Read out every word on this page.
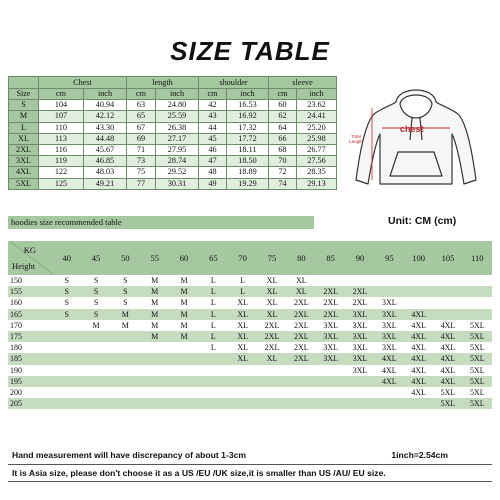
SIZE TABLE
	Chest		length		shoulder		sleeve	
Size	cm	inch	cm	inch	cm	inch	cm	inch
S	104	40.94	63	24.80	42	16.53	60	23.62
M	107	42.12	65	25.59	43	16.92	62	24.41
L	110	43.30	67	26.38	44	17.32	64	25.20
XL	113	44.48	69	27.17	45	17.72	66	25.98
2XL	116	45.67	71	27.95	46	18.11	68	26.77
3XL	119	46.85	73	28.74	47	18.50	70	27.56
4XL	122	48.03	75	29.52	48	18.89	72	28.35
5XL	125	49.21	77	30.31	49	19.29	74	29.13
chest
Total Length
hoodies size recommended table	Unit: CM (cm)
KG
Height	40	45	50	55	60	65	70	75	80	85	90	95	100	105	110
150	S	S	S	M	M	L	L	XL	XL						
155	S	S	S	M	M	L	L	XL	XL	2XL	2XL				
160	S	S	S	M	M	L	XL	XL	2XL	2XL	2XL	3XL			
165	S	S	M	M	M	L	XL	XL	2XL	2XL	3XL	3XL	4XL		
170		M	M	M	M	L	XL	2XL	2XL	3XL	3XL	3XL	4XL	4XL	5XL
175				M	M	L	XL	2XL	2XL	3XL	3XL	3XL	4XL	4XL	5XL
180						L	XL	2XL	2XL	3XL	3XL	3XL	4XL	4XL	5XL
185							XL	XL	2XL	3XL	3XL	4XL	4XL	4XL	5XL
190											3XL	4XL	4XL	4XL	5XL
195												4XL	4XL	4XL	5XL
200													4XL	5XL	5XL
205														5XL	5XL
Hand measurement will have discrepancy of about 1-3cm	1inch=2.54cm
It is Asia size, please don't choose it as a US /EU /UK size,it is smaller than US /AU/ EU size.
